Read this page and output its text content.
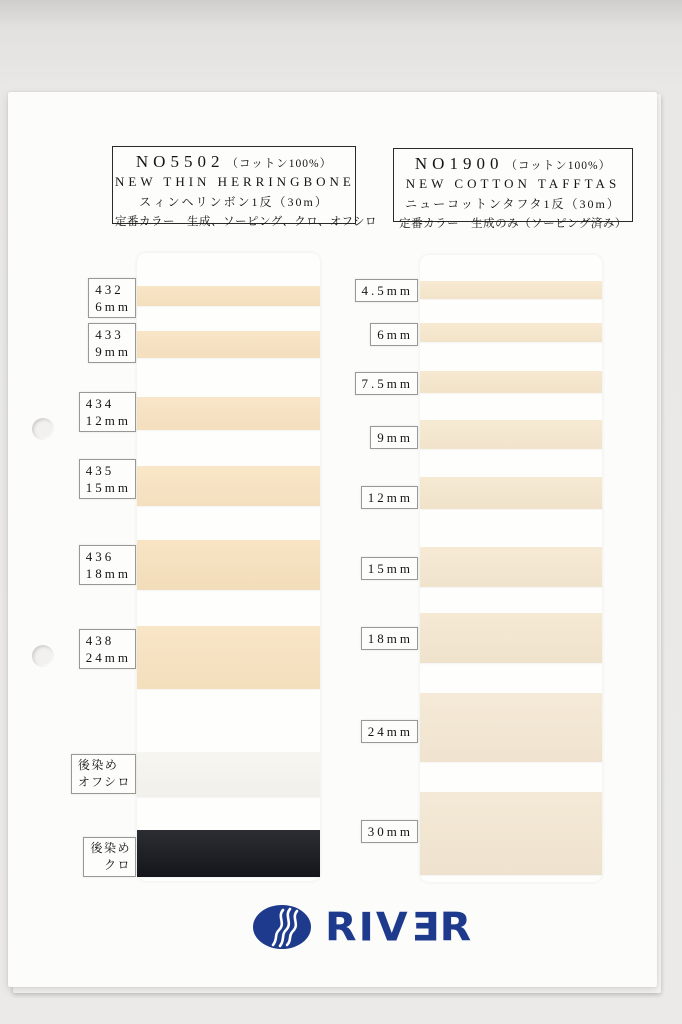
NO5502 （コットン100%）
NEW THIN HERRINGBONE
スィンヘリンボン1反（30m）
定番カラー　生成、ソーピング、クロ、オフシロ
NO1900 （コットン100%）
NEW COTTON TAFFTAS
ニューコットンタフタ1反（30m）
定番カラー　生成のみ（ソーピング済み）
432
6mm
433
9mm
434
12mm
435
15mm
436
18mm
438
24mm
後染め
オフシロ
後染め
クロ
4.5mm
6mm
7.5mm
9mm
12mm
15mm
18mm
24mm
30mm
RIVER
